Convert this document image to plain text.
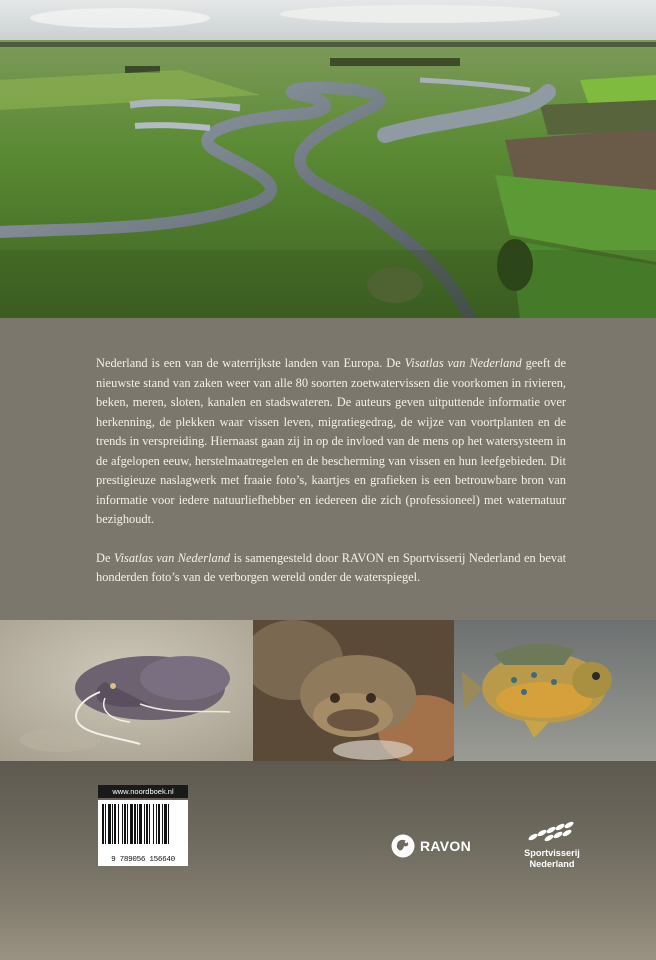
Nederland is een van de waterrijkste landen van Europa. De Visatlas van Nederland geeft de nieuwste stand van zaken weer van alle 80 soorten zoetwatervissen die voorkomen in rivieren, beken, meren, sloten, kanalen en stadswateren. De auteurs geven uitputtende informatie over herkenning, de plekken waar vissen leven, migratiegedrag, de wijze van voortplanten en de trends in verspreiding. Hiernaast gaan zij in op de invloed van de mens op het watersysteem in de afgelopen eeuw, herstelmaatregelen en de bescherming van vissen en hun leefgebieden. Dit prestigieuze naslagwerk met fraaie foto’s, kaartjes en grafieken is een betrouwbare bron van informatie voor iedere natuurliefhebber en iedereen die zich (professioneel) met waternatuur bezighoudt.

De Visatlas van Nederland is samengesteld door RAVON en Sportvisserij Nederland en bevat honderden foto’s van de verborgen wereld onder de waterspiegel.

www.noordboek.nl
9 789056 156640
RAVON	Sportvisserij
Nederland
